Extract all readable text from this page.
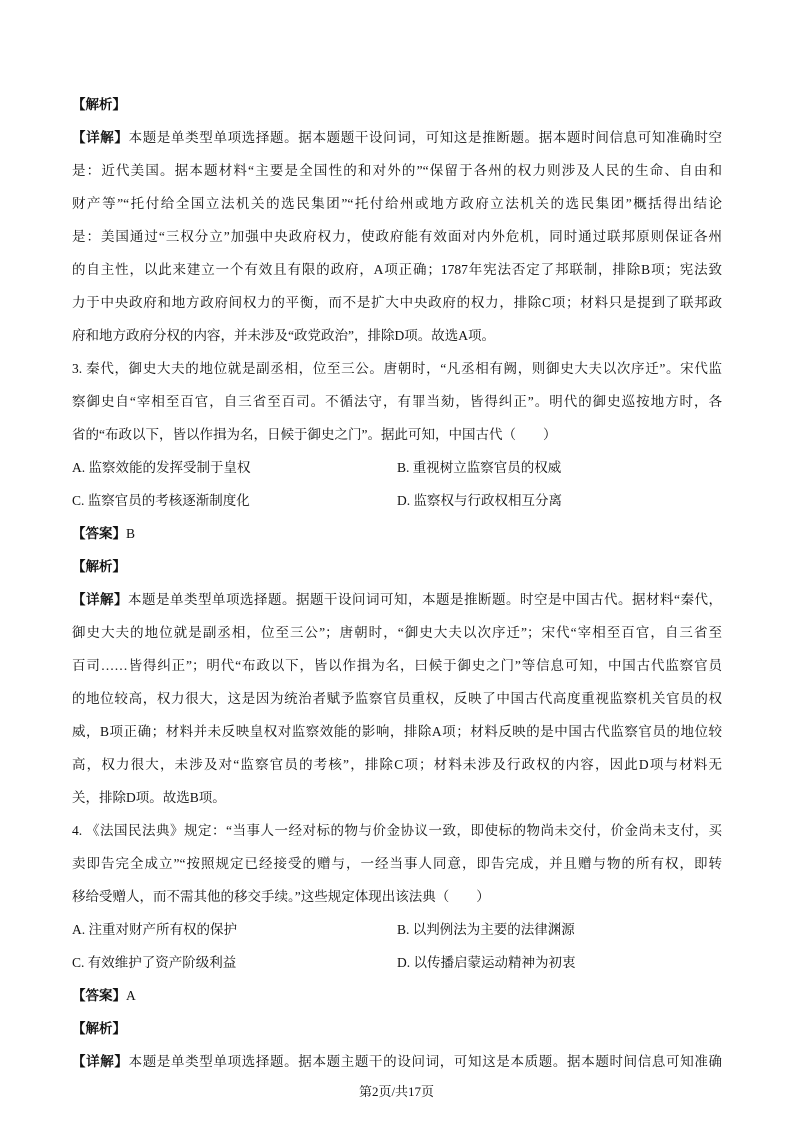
【解析】
【详解】本题是单类型单项选择题。据本题题干设问词，可知这是推断题。据本题时间信息可知准确时空
是：近代美国。据本题材料“主要是全国性的和对外的”“保留于各州的权力则涉及人民的生命、自由和
财产等”“托付给全国立法机关的选民集团”“托付给州或地方政府立法机关的选民集团”概括得出结论
是：美国通过“三权分立”加强中央政府权力，使政府能有效面对内外危机，同时通过联邦原则保证各州
的自主性，以此来建立一个有效且有限的政府，A项正确；1787年宪法否定了邦联制，排除B项；宪法致
力于中央政府和地方政府间权力的平衡，而不是扩大中央政府的权力，排除C项；材料只是提到了联邦政
府和地方政府分权的内容，并未涉及“政党政治”，排除D项。故选A项。
3. 秦代，御史大夫的地位就是副丞相，位至三公。唐朝时，“凡丞相有阙，则御史大夫以次序迁”。宋代监
察御史自“宰相至百官，自三省至百司。不循法守，有罪当劾，皆得纠正”。明代的御史巡按地方时，各
省的“布政以下，皆以作揖为名，日候于御史之门”。据此可知，中国古代（　　）
A. 监察效能的发挥受制于皇权	B. 重视树立监察官员的权威
C. 监察官员的考核逐渐制度化	D. 监察权与行政权相互分离
【答案】B
【解析】
【详解】本题是单类型单项选择题。据题干设问词可知，本题是推断题。时空是中国古代。据材料“秦代，
御史大夫的地位就是副丞相，位至三公”；唐朝时，“御史大夫以次序迁”；宋代“宰相至百官，自三省至
百司……皆得纠正”；明代“布政以下，皆以作揖为名，曰候于御史之门”等信息可知，中国古代监察官员
的地位较高，权力很大，这是因为统治者赋予监察官员重权，反映了中国古代高度重视监察机关官员的权
威，B项正确；材料并未反映皇权对监察效能的影响，排除A项；材料反映的是中国古代监察官员的地位较
高，权力很大，未涉及对“监察官员的考核”，排除C项；材料未涉及行政权的内容，因此D项与材料无
关，排除D项。故选B项。
4. 《法国民法典》规定：“当事人一经对标的物与价金协议一致，即使标的物尚未交付，价金尚未支付，买
卖即告完全成立”“按照规定已经接受的赠与，一经当事人同意，即告完成，并且赠与物的所有权，即转
移给受赠人，而不需其他的移交手续。”这些规定体现出该法典（　　）
A. 注重对财产所有权的保护	B. 以判例法为主要的法律渊源
C. 有效维护了资产阶级利益	D. 以传播启蒙运动精神为初衷
【答案】A
【解析】
【详解】本题是单类型单项选择题。据本题主题干的设问词，可知这是本质题。据本题时间信息可知准确
第2页/共17页
